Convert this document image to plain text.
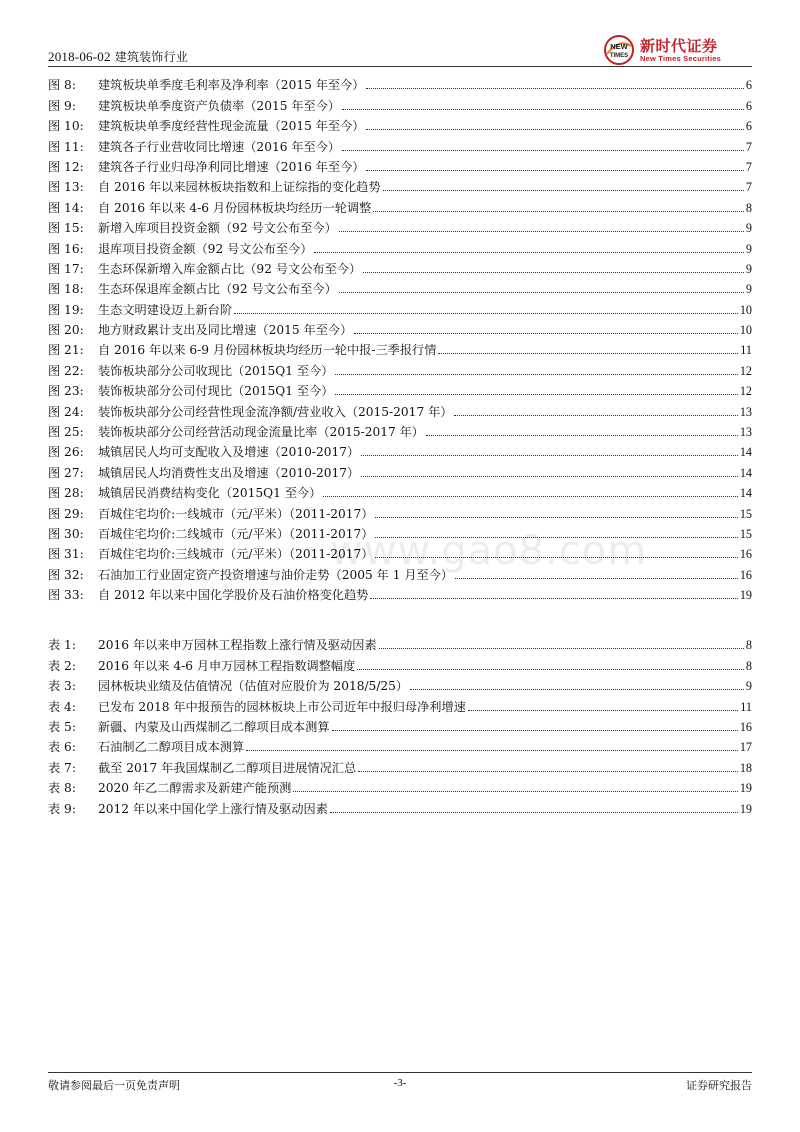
2018-06-02 建筑装饰行业
NEW
TIMES
新时代证券
New Times Securities
图 8:	建筑板块单季度毛利率及净利率（2015 年至今）	6
图 9:	建筑板块单季度资产负债率（2015 年至今）	6
图 10:	建筑板块单季度经营性现金流量（2015 年至今）	6
图 11:	建筑各子行业营收同比增速（2016 年至今）	7
图 12:	建筑各子行业归母净利同比增速（2016 年至今）	7
图 13:	自 2016 年以来园林板块指数和上证综指的变化趋势	7
图 14:	自 2016 年以来 4-6 月份园林板块均经历一轮调整	8
图 15:	新增入库项目投资金额（92 号文公布至今）	9
图 16:	退库项目投资金额（92 号文公布至今）	9
图 17:	生态环保新增入库金额占比（92 号文公布至今）	9
图 18:	生态环保退库金额占比（92 号文公布至今）	9
图 19:	生态文明建设迈上新台阶	10
图 20:	地方财政累计支出及同比增速（2015 年至今）	10
图 21:	自 2016 年以来 6-9 月份园林板块均经历一轮中报-三季报行情	11
图 22:	装饰板块部分公司收现比（2015Q1 至今）	12
图 23:	装饰板块部分公司付现比（2015Q1 至今）	12
图 24:	装饰板块部分公司经营性现金流净额/营业收入（2015-2017 年）	13
图 25:	装饰板块部分公司经营活动现金流量比率（2015-2017 年）	13
图 26:	城镇居民人均可支配收入及增速（2010-2017）	14
图 27:	城镇居民人均消费性支出及增速（2010-2017）	14
图 28:	城镇居民消费结构变化（2015Q1 至今）	14
图 29:	百城住宅均价:一线城市（元/平米）（2011-2017）	15
图 30:	百城住宅均价:二线城市（元/平米）（2011-2017）	15
图 31:	百城住宅均价:三线城市（元/平米）（2011-2017）	16
图 32:	石油加工行业固定资产投资增速与油价走势（2005 年 1 月至今）	16
图 33:	自 2012 年以来中国化学股价及石油价格变化趋势	19
表 1:	2016 年以来申万园林工程指数上涨行情及驱动因素	8
表 2:	2016 年以来 4-6 月申万园林工程指数调整幅度	8
表 3:	园林板块业绩及估值情况（估值对应股价为 2018/5/25）	9
表 4:	已发布 2018 年中报预告的园林板块上市公司近年中报归母净利增速	11
表 5:	新疆、内蒙及山西煤制乙二醇项目成本测算	16
表 6:	石油制乙二醇项目成本测算	17
表 7:	截至 2017 年我国煤制乙二醇项目进展情况汇总	18
表 8:	2020 年乙二醇需求及新建产能预测	19
表 9:	2012 年以来中国化学上涨行情及驱动因素	19
www.gao8.com
敬请参阅最后一页免责声明	-3-	证券研究报告
